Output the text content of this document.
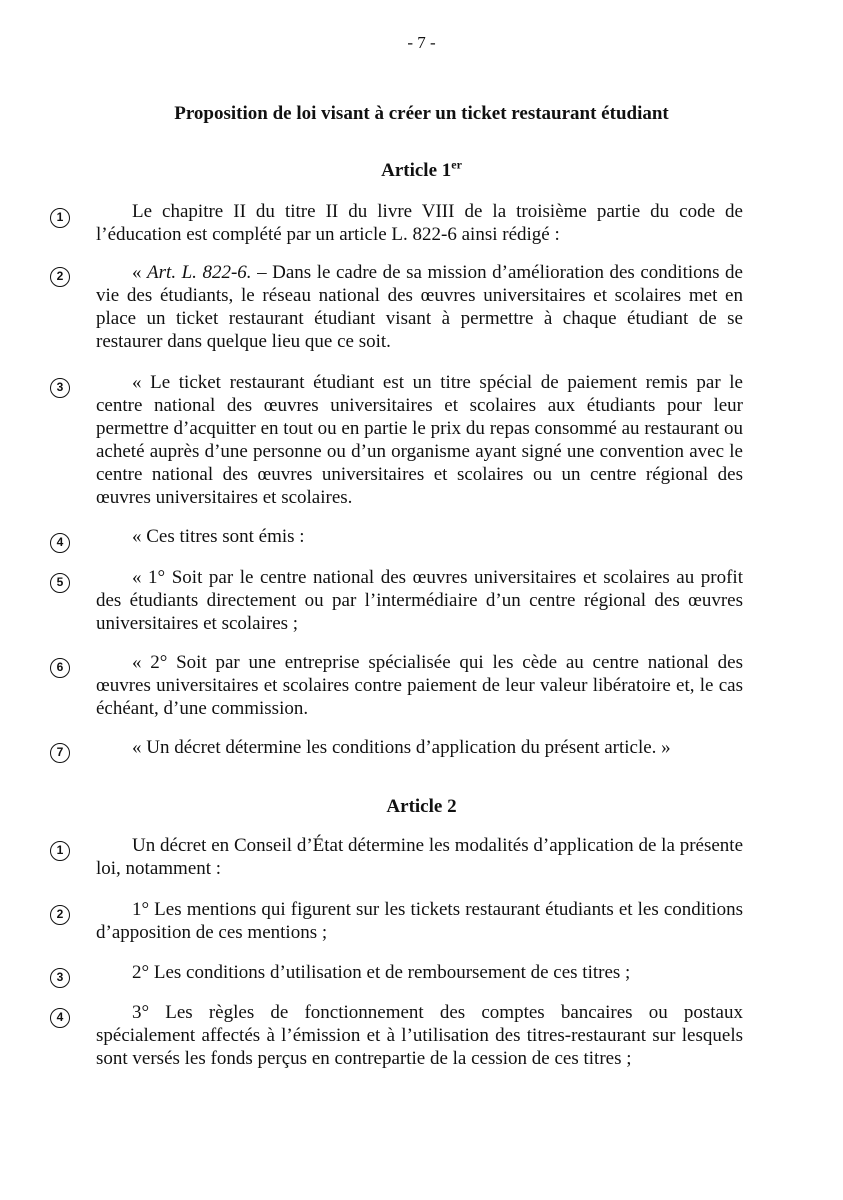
- 7 -
Proposition de loi visant à créer un ticket restaurant étudiant
Article 1er
1	Le chapitre II du titre II du livre VIII de la troisième partie du code de l’éducation est complété par un article L. 822-6 ainsi rédigé :
2	« Art. L. 822-6. – Dans le cadre de sa mission d’amélioration des conditions de vie des étudiants, le réseau national des œuvres universitaires et scolaires met en place un ticket restaurant étudiant visant à permettre à chaque étudiant de se restaurer dans quelque lieu que ce soit.
3	« Le ticket restaurant étudiant est un titre spécial de paiement remis par le centre national des œuvres universitaires et scolaires aux étudiants pour leur permettre d’acquitter en tout ou en partie le prix du repas consommé au restaurant ou acheté auprès d’une personne ou d’un organisme ayant signé une convention avec le centre national des œuvres universitaires et scolaires ou un centre régional des œuvres universitaires et scolaires.
4	« Ces titres sont émis :
5	« 1° Soit par le centre national des œuvres universitaires et scolaires au profit des étudiants directement ou par l’intermédiaire d’un centre régional des œuvres universitaires et scolaires ;
6	« 2° Soit par une entreprise spécialisée qui les cède au centre national des œuvres universitaires et scolaires contre paiement de leur valeur libératoire et, le cas échéant, d’une commission.
7	« Un décret détermine les conditions d’application du présent article. »
Article 2
1	Un décret en Conseil d’État détermine les modalités d’application de la présente loi, notamment :
2	1° Les mentions qui figurent sur les tickets restaurant étudiants et les conditions d’apposition de ces mentions ;
3	2° Les conditions d’utilisation et de remboursement de ces titres ;
4	3° Les règles de fonctionnement des comptes bancaires ou postaux spécialement affectés à l’émission et à l’utilisation des titres-restaurant sur lesquels sont versés les fonds perçus en contrepartie de la cession de ces titres ;
